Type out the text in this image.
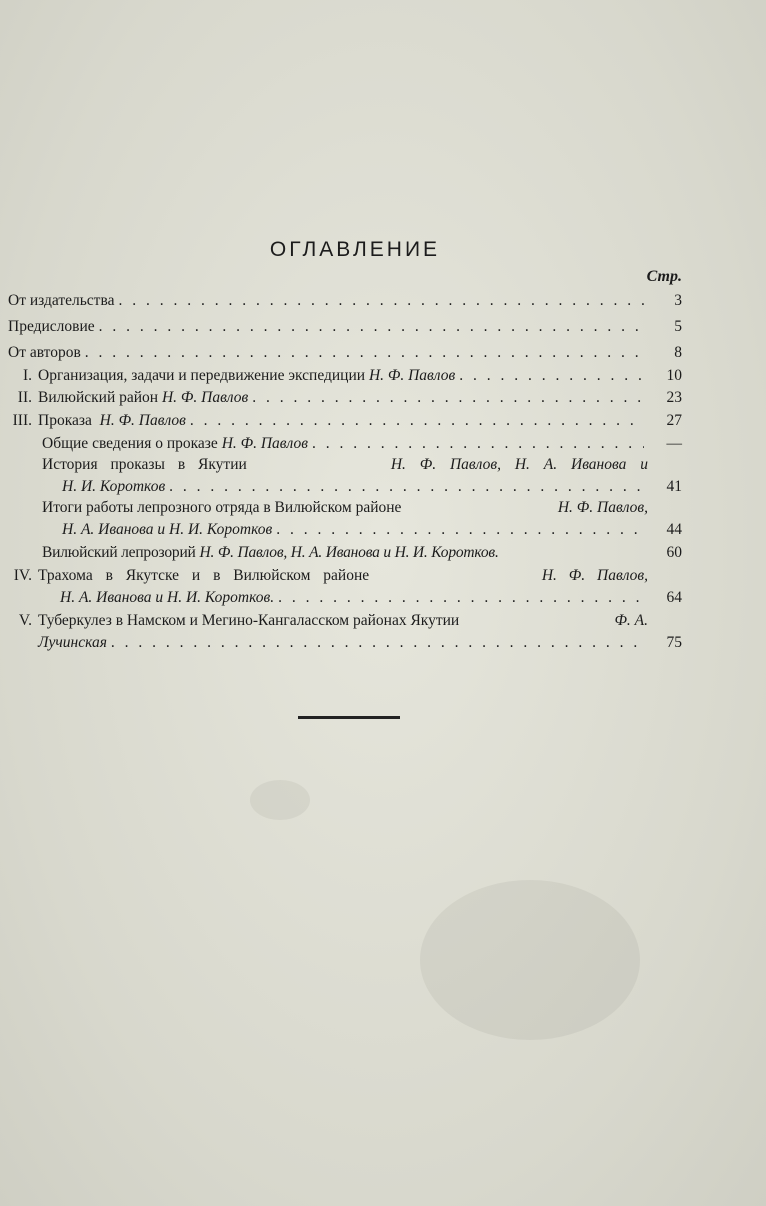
ОГЛАВЛЕНИЕ
Стр.
От издательства . . .	3
Предисловие . . .	5
От авторов . . .	8
I. Организация, задачи и передвижение экспедиции
Н. Ф. Павлов . . .	10
II. Вилюйский район
Н. Ф. Павлов . . .	23
III. Проказа
Н. Ф. Павлов . . .	27
Общие сведения о проказе
Н. Ф. Павлов . . .	—
История проказы в Якутии	Н. Ф. Павлов, Н. А. Иванова и
Н. И. Коротков . . .	41
Итоги работы лепрозного отряда в Вилюйском районе
	Н. Ф. Павлов,
Н. А. Иванова и Н. И. Коротков . . .	44
Вилюйский лепрозорий
Н. Ф. Павлов, Н. А. Иванова и Н. И. Коротков.	60
IV. Трахома в Якутске и в Вилюйском районе	Н. Ф. Павлов,
Н. А. Иванова и Н. И. Коротков. . . .	64
V. Туберкулез в Намском и Мегино-Кангаласском районах Якутии	Ф. А.
Лучинская . . .	75
